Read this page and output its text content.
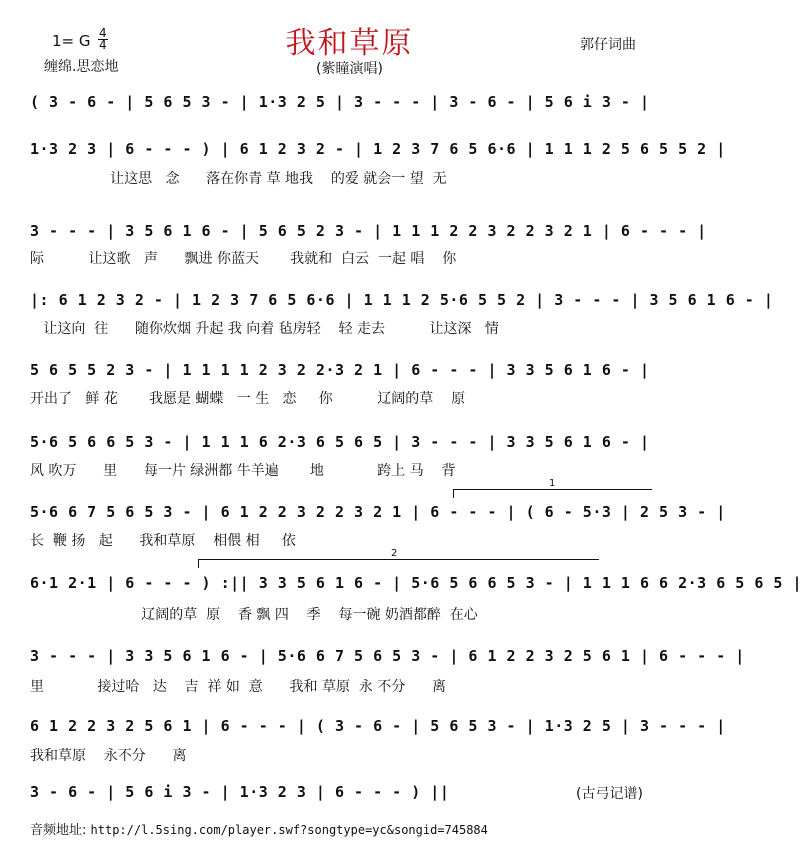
我和草原
1= G 4
4
缠绵.思恋地
郭仔词曲
(紫瞳演唱)
( 3 - 6 - | 5 6 5 3 - | 1·3 2 5 | 3 - - - | 3 - 6 - | 5 6 i 3 - |
1·3 2 3 | 6 - - - ) | 6 1 2 3 2 - | 1 2 3 7 6 5 6·6 | 1 1 1 2 5 6 5 5 2 |
让这思   念      落在你青 草 地我    的爱 就会一 望  无
3 - - - | 3 5 6 1 6 - | 5 6 5 2 3 - | 1 1 1 2 2 3 2 2 3 2 1 | 6 - - - |
际          让这歌   声      飘进 你蓝天       我就和  白云  一起 唱    你
|: 6 1 2 3 2 - | 1 2 3 7 6 5 6·6 | 1 1 1 2 5·6 5 5 2 | 3 - - - | 3 5 6 1 6 - |
让这向  往      随你炊烟 升起 我 向着 毡房轻    轻 走去          让这深   情
5 6 5 5 2 3 - | 1 1 1 1 2 3 2 2·3 2 1 | 6 - - - | 3 3 5 6 1 6 - |
开出了   鲜 花       我愿是 蝴蝶   一 生   恋     你          辽阔的草    原
5·6 5 6 6 5 3 - | 1 1 1 6 2·3 6 5 6 5 | 3 - - - | 3 3 5 6 1 6 - |
风 吹万      里      每一片 绿洲都 牛羊遍       地            跨上 马    背
1
5·6 6 7 5 6 5 3 - | 6 1 2 2 3 2 2 3 2 1 | 6 - - - | ( 6 - 5·3 | 2 5 3 - |
长  鞭 扬   起      我和草原    相偎 相     依
2
6·1 2·1 | 6 - - - ) :|| 3 3 5 6 1 6 - | 5·6 5 6 6 5 3 - | 1 1 1 6 6 2·3 6 5 6 5 |
辽阔的草  原    香 飘 四    季    每一碗 奶酒都醉  在心
3 - - - | 3 3 5 6 1 6 - | 5·6 6 7 5 6 5 3 - | 6 1 2 2 3 2 5 6 1 | 6 - - - |
里            接过哈   达    吉  祥 如  意      我和 草原  永 不分      离
6 1 2 2 3 2 5 6 1 | 6 - - - | ( 3 - 6 - | 5 6 5 3 - | 1·3 2 5 | 3 - - - |
我和草原    永不分      离
3 - 6 - | 5 6 i 3 - | 1·3 2 3 | 6 - - - ) ||	(古弓记谱)
音频地址: http://l.5sing.com/player.swf?songtype=yc&songid=745884
